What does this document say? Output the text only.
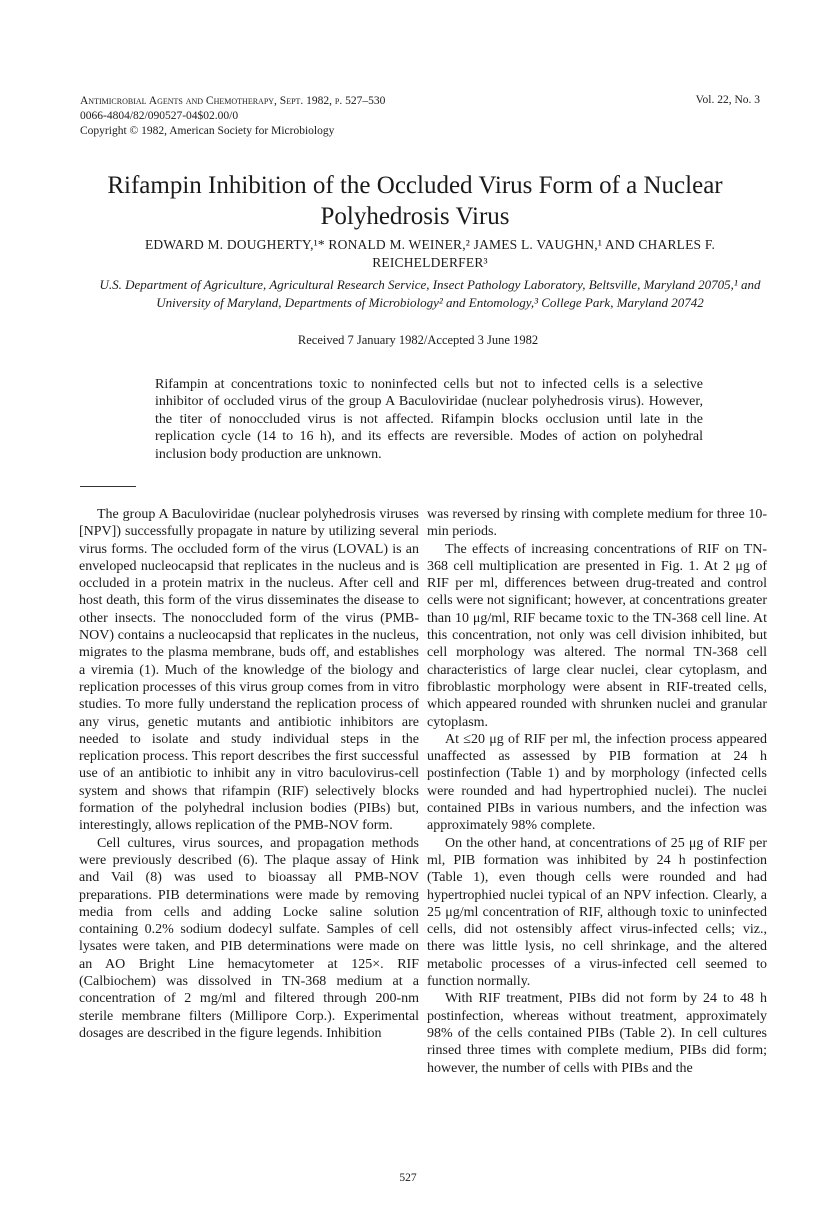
Antimicrobial Agents and Chemotherapy, Sept. 1982, p. 527–530
0066-4804/82/090527-04$02.00/0
Copyright © 1982, American Society for Microbiology
Vol. 22, No. 3
Rifampin Inhibition of the Occluded Virus Form of a Nuclear Polyhedrosis Virus
EDWARD M. DOUGHERTY,¹* RONALD M. WEINER,² JAMES L. VAUGHN,¹ AND CHARLES F. REICHELDERFER³
U.S. Department of Agriculture, Agricultural Research Service, Insect Pathology Laboratory, Beltsville, Maryland 20705,¹ and University of Maryland, Departments of Microbiology² and Entomology,³ College Park, Maryland 20742
Received 7 January 1982/Accepted 3 June 1982
Rifampin at concentrations toxic to noninfected cells but not to infected cells is a selective inhibitor of occluded virus of the group A Baculoviridae (nuclear polyhedrosis virus). However, the titer of nonoccluded virus is not affected. Rifampin blocks occlusion until late in the replication cycle (14 to 16 h), and its effects are reversible. Modes of action on polyhedral inclusion body production are unknown.

The group A Baculoviridae (nuclear polyhedrosis viruses [NPV]) successfully propagate in nature by utilizing several virus forms. The occluded form of the virus (LOVAL) is an enveloped nucleocapsid that replicates in the nucleus and is occluded in a protein matrix in the nucleus. After cell and host death, this form of the virus disseminates the disease to other insects. The nonoccluded form of the virus (PMB-NOV) contains a nucleocapsid that replicates in the nucleus, migrates to the plasma membrane, buds off, and establishes a viremia (1). Much of the knowledge of the biology and replication processes of this virus group comes from in vitro studies. To more fully understand the replication process of any virus, genetic mutants and antibiotic inhibitors are needed to isolate and study individual steps in the replication process. This report describes the first successful use of an antibiotic to inhibit any in vitro baculovirus-cell system and shows that rifampin (RIF) selectively blocks formation of the polyhedral inclusion bodies (PIBs) but, interestingly, allows replication of the PMB-NOV form.

Cell cultures, virus sources, and propagation methods were previously described (6). The plaque assay of Hink and Vail (8) was used to bioassay all PMB-NOV preparations. PIB determinations were made by removing media from cells and adding Locke saline solution containing 0.2% sodium dodecyl sulfate. Samples of cell lysates were taken, and PIB determinations were made on an AO Bright Line hemacytometer at 125×. RIF (Calbiochem) was dissolved in TN-368 medium at a concentration of 2 mg/ml and filtered through 200-nm sterile membrane filters (Millipore Corp.). Experimental dosages are described in the figure legends. Inhibition

was reversed by rinsing with complete medium for three 10-min periods.

The effects of increasing concentrations of RIF on TN-368 cell multiplication are presented in Fig. 1. At 2 μg of RIF per ml, differences between drug-treated and control cells were not significant; however, at concentrations greater than 10 μg/ml, RIF became toxic to the TN-368 cell line. At this concentration, not only was cell division inhibited, but cell morphology was altered. The normal TN-368 cell characteristics of large clear nuclei, clear cytoplasm, and fibroblastic morphology were absent in RIF-treated cells, which appeared rounded with shrunken nuclei and granular cytoplasm.

At ≤20 μg of RIF per ml, the infection process appeared unaffected as assessed by PIB formation at 24 h postinfection (Table 1) and by morphology (infected cells were rounded and had hypertrophied nuclei). The nuclei contained PIBs in various numbers, and the infection was approximately 98% complete.

On the other hand, at concentrations of 25 μg of RIF per ml, PIB formation was inhibited by 24 h postinfection (Table 1), even though cells were rounded and had hypertrophied nuclei typical of an NPV infection. Clearly, a 25 μg/ml concentration of RIF, although toxic to uninfected cells, did not ostensibly affect virus-infected cells; viz., there was little lysis, no cell shrinkage, and the altered metabolic processes of a virus-infected cell seemed to function normally.

With RIF treatment, PIBs did not form by 24 to 48 h postinfection, whereas without treatment, approximately 98% of the cells contained PIBs (Table 2). In cell cultures rinsed three times with complete medium, PIBs did form; however, the number of cells with PIBs and the

527
